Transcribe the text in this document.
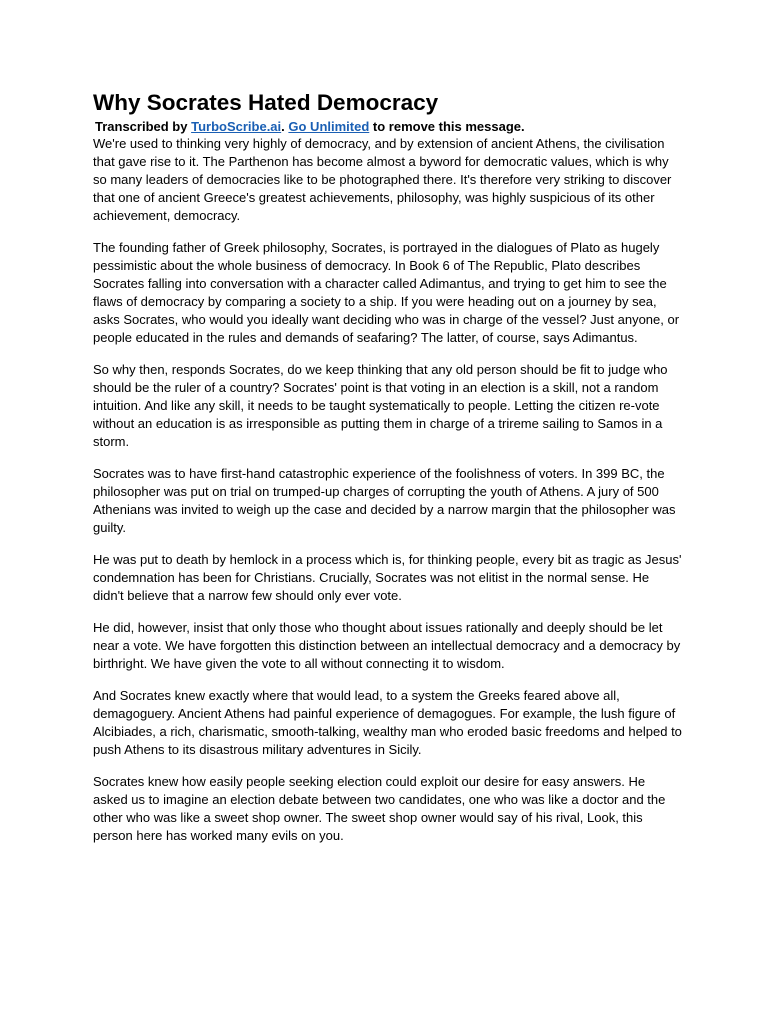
Why Socrates Hated Democracy
Transcribed by TurboScribe.ai. Go Unlimited to remove this message.

We're used to thinking very highly of democracy, and by extension of ancient Athens, the civilisation that gave rise to it. The Parthenon has become almost a byword for democratic values, which is why so many leaders of democracies like to be photographed there. It's therefore very striking to discover that one of ancient Greece's greatest achievements, philosophy, was highly suspicious of its other achievement, democracy.

The founding father of Greek philosophy, Socrates, is portrayed in the dialogues of Plato as hugely pessimistic about the whole business of democracy. In Book 6 of The Republic, Plato describes Socrates falling into conversation with a character called Adimantus, and trying to get him to see the flaws of democracy by comparing a society to a ship. If you were heading out on a journey by sea, asks Socrates, who would you ideally want deciding who was in charge of the vessel? Just anyone, or people educated in the rules and demands of seafaring? The latter, of course, says Adimantus.

So why then, responds Socrates, do we keep thinking that any old person should be fit to judge who should be the ruler of a country? Socrates' point is that voting in an election is a skill, not a random intuition. And like any skill, it needs to be taught systematically to people. Letting the citizen re-vote without an education is as irresponsible as putting them in charge of a trireme sailing to Samos in a storm.

Socrates was to have first-hand catastrophic experience of the foolishness of voters. In 399 BC, the philosopher was put on trial on trumped-up charges of corrupting the youth of Athens. A jury of 500 Athenians was invited to weigh up the case and decided by a narrow margin that the philosopher was guilty.

He was put to death by hemlock in a process which is, for thinking people, every bit as tragic as Jesus' condemnation has been for Christians. Crucially, Socrates was not elitist in the normal sense. He didn't believe that a narrow few should only ever vote.

He did, however, insist that only those who thought about issues rationally and deeply should be let near a vote. We have forgotten this distinction between an intellectual democracy and a democracy by birthright. We have given the vote to all without connecting it to wisdom.

And Socrates knew exactly where that would lead, to a system the Greeks feared above all, demagoguery. Ancient Athens had painful experience of demagogues. For example, the lush figure of Alcibiades, a rich, charismatic, smooth-talking, wealthy man who eroded basic freedoms and helped to push Athens to its disastrous military adventures in Sicily.

Socrates knew how easily people seeking election could exploit our desire for easy answers. He asked us to imagine an election debate between two candidates, one who was like a doctor and the other who was like a sweet shop owner. The sweet shop owner would say of his rival, Look, this person here has worked many evils on you.
